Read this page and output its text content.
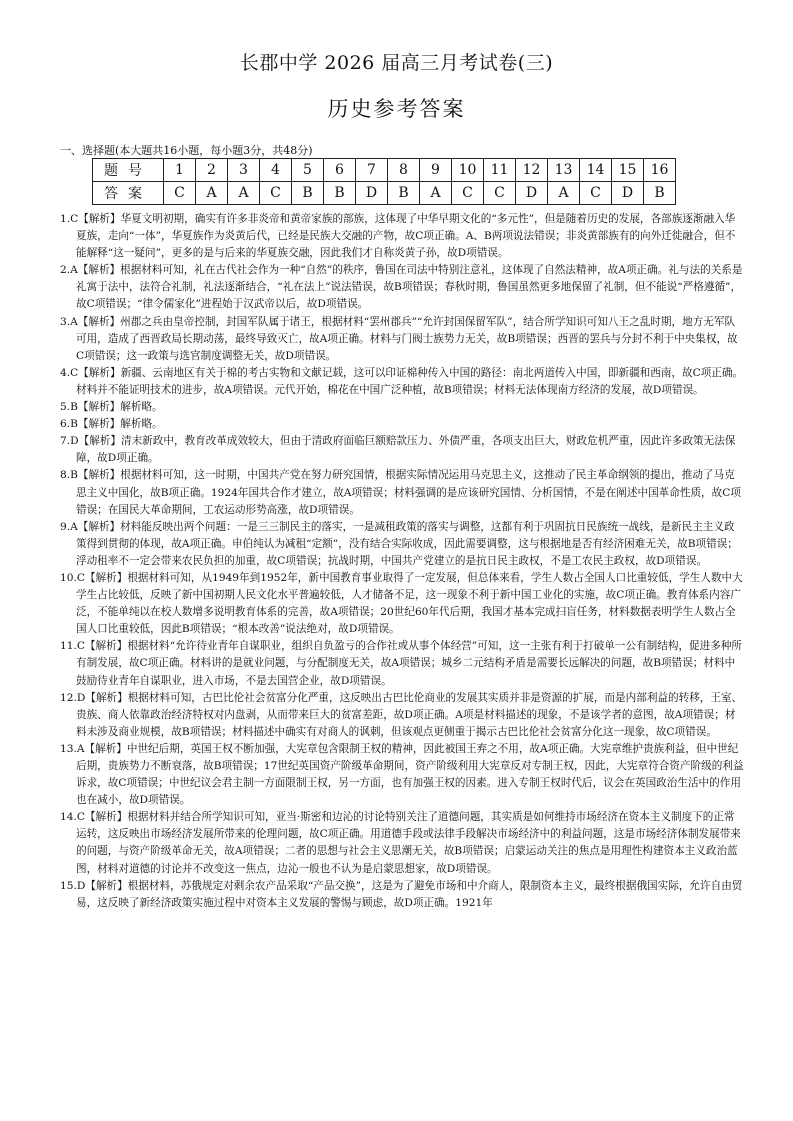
长郡中学 2026 届高三月考试卷(三)
历史参考答案
一、选择题(本大题共16小题，每小题3分，共48分)
题号	1	2	3	4	5	6	7	8	9	10	11	12	13	14	15	16
答案	C	A	A	C	B	B	D	B	A	C	C	D	A	C	D	B

1.C【解析】华夏文明初期，确实有许多非炎帝和黄帝家族的部族，这体现了中华早期文化的“多元性”，但是随着历史的发展，各部族逐渐融入华夏族，走向“一体”，华夏族作为炎黄后代，已经是民族大交融的产物，故C项正确。A、B两项说法错误；非炎黄部族有的向外迁徙融合，但不能解释“这一疑问”，更多的是与后来的华夏族交融，因此我们才自称炎黄子孙，故D项错误。

2.A【解析】根据材料可知，礼在古代社会作为一种“自然”的秩序，鲁国在司法中特别注意礼，这体现了自然法精神，故A项正确。礼与法的关系是礼寓于法中，法符合礼制，礼法逐渐结合，“礼在法上”说法错误，故B项错误；春秋时期，鲁国虽然更多地保留了礼制，但不能说“严格遵循”，故C项错误；“律令儒家化”进程始于汉武帝以后，故D项错误。

3.A【解析】州郡之兵由皇帝控制，封国军队属于诸王，根据材料“罢州郡兵”“允许封国保留军队”，结合所学知识可知八王之乱时期，地方无军队可用，造成了西晋政局长期动荡，最终导致灭亡，故A项正确。材料与门阀士族势力无关，故B项错误；西晋的罢兵与分封不利于中央集权，故C项错误；这一政策与选官制度调整无关，故D项错误。

4.C【解析】新疆、云南地区有关于棉的考古实物和文献记载，这可以印证棉种传入中国的路径：南北两道传入中国，即新疆和西南，故C项正确。材料并不能证明技术的进步，故A项错误。元代开始，棉花在中国广泛种植，故B项错误；材料无法体现南方经济的发展，故D项错误。

5.B【解析】解析略。

6.B【解析】解析略。

7.D【解析】清末新政中，教育改革成效较大，但由于清政府面临巨额赔款压力、外债严重，各项支出巨大，财政危机严重，因此许多政策无法保障，故D项正确。

8.B【解析】根据材料可知，这一时期，中国共产党在努力研究国情，根据实际情况运用马克思主义，这推动了民主革命纲领的提出，推动了马克思主义中国化，故B项正确。1924年国共合作才建立，故A项错误；材料强调的是应该研究国情、分析国情，不是在阐述中国革命性质，故C项错误；在国民大革命期间，工农运动形势高涨，故D项错误。

9.A【解析】材料能反映出两个问题：一是三三制民主的落实，一是减租政策的落实与调整，这都有利于巩固抗日民族统一战线，是新民主主义政策得到贯彻的体现，故A项正确。申伯纯认为减租“定额”，没有结合实际收成，因此需要调整，这与根据地是否有经济困难无关，故B项错误；浮动租率不一定会带来农民负担的加重，故C项错误；抗战时期，中国共产党建立的是抗日民主政权，不是工农民主政权，故D项错误。

10.C【解析】根据材料可知，从1949年到1952年，新中国教育事业取得了一定发展，但总体来看，学生人数占全国人口比重较低，学生人数中大学生占比较低，反映了新中国初期人民文化水平普遍较低，人才储备不足，这一现象不利于新中国工业化的实施，故C项正确。教育体系内容广泛，不能单纯以在校人数增多说明教育体系的完善，故A项错误；20世纪60年代后期，我国才基本完成扫盲任务，材料数据表明学生人数占全国人口比重较低，因此B项错误；“根本改善”说法绝对，故D项错误。

11.C【解析】根据材料“允许待业青年自谋职业，组织自负盈亏的合作社或从事个体经营”可知，这一主张有利于打破单一公有制结构，促进多种所有制发展，故C项正确。材料讲的是就业问题，与分配制度无关，故A项错误；城乡二元结构矛盾是需要长远解决的问题，故B项错误；材料中鼓励待业青年自谋职业，进入市场，不是去国营企业，故D项错误。

12.D【解析】根据材料可知，古巴比伦社会贫富分化严重，这反映出古巴比伦商业的发展其实质并非是资源的扩展，而是内部利益的转移，王室、贵族、商人依靠政治经济特权对内盘剥，从而带来巨大的贫富差距，故D项正确。A项是材料描述的现象，不是该学者的意图，故A项错误；材料未涉及商业规模，故B项错误；材料描述中确实有对商人的讽刺，但该观点更侧重于揭示古巴比伦社会贫富分化这一现象，故C项错误。

13.A【解析】中世纪后期，英国王权不断加强，大宪章包含限制王权的精神，因此被国王弃之不用，故A项正确。大宪章维护贵族利益，但中世纪后期，贵族势力不断衰落，故B项错误；17世纪英国资产阶级革命期间，资产阶级利用大宪章反对专制王权，因此，大宪章符合资产阶级的利益诉求，故C项错误；中世纪议会君主制一方面限制王权，另一方面，也有加强王权的因素。进入专制王权时代后，议会在英国政治生活中的作用也在减小，故D项错误。

14.C【解析】根据材料并结合所学知识可知，亚当·斯密和边沁的讨论特别关注了道德问题，其实质是如何维持市场经济在资本主义制度下的正常运转，这反映出市场经济发展所带来的伦理问题，故C项正确。用道德手段或法律手段解决市场经济中的利益问题，这是市场经济体制发展带来的问题，与资产阶级革命无关，故A项错误；二者的思想与社会主义思潮无关，故B项错误；启蒙运动关注的焦点是用理性构建资本主义政治蓝图，材料对道德的讨论并不改变这一焦点，边沁一般也不认为是启蒙思想家，故D项错误。

15.D【解析】根据材料，苏俄规定对剩余农产品采取“产品交换”，这是为了避免市场和中介商人，限制资本主义，最终根据俄国实际，允许自由贸易，这反映了新经济政策实施过程中对资本主义发展的警惕与顾虑，故D项正确。1921年
